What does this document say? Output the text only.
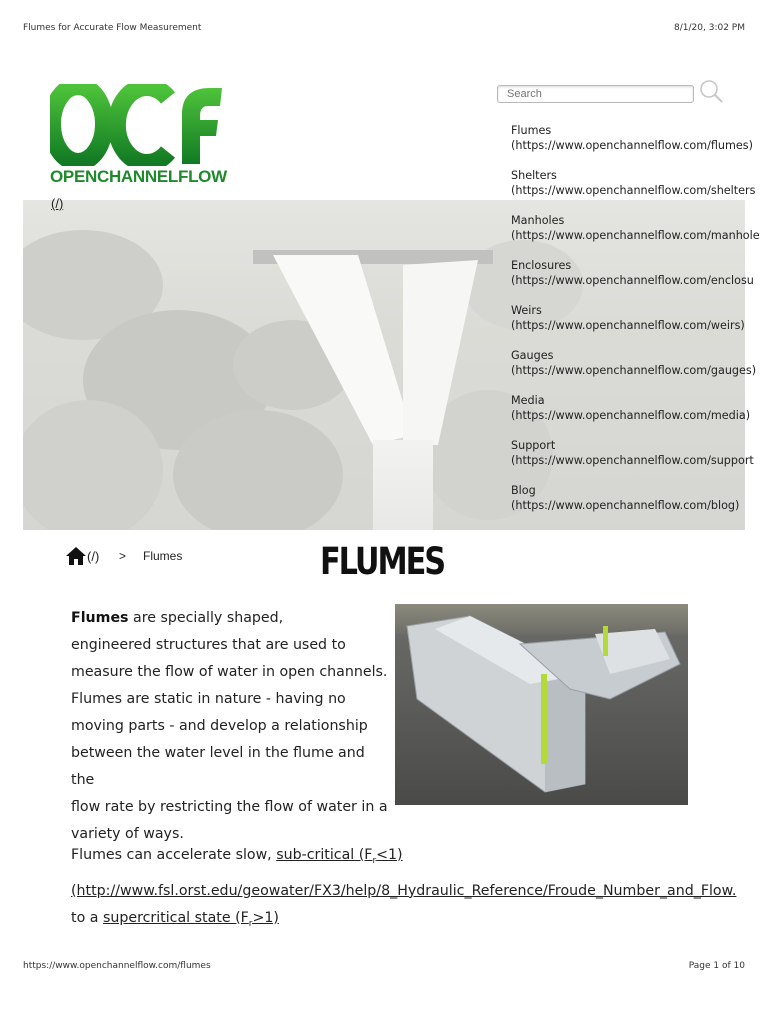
Flumes for Accurate Flow Measurement	8/1/20, 3:02 PM
OPENCHANNELFLOW
(/)
Search
Flumes
(https://www.openchannelflow.com/flumes)
Shelters
(https://www.openchannelflow.com/shelters
Manholes
(https://www.openchannelflow.com/manhole
Enclosures
(https://www.openchannelflow.com/enclosu
Weirs
(https://www.openchannelflow.com/weirs)
Gauges
(https://www.openchannelflow.com/gauges)
Media
(https://www.openchannelflow.com/media)
Support
(https://www.openchannelflow.com/support
Blog
(https://www.openchannelflow.com/blog)
(/) > Flumes	FLUMES
Flumes are specially shaped,
engineered structures that are used to
measure the flow of water in open channels.
Flumes are static in nature - having no
moving parts - and develop a relationship
between the water level in the flume and the
flow rate by restricting the flow of water in a
variety of ways.
Flumes can accelerate slow, sub-critical $(F_r<1)$
(http://www.fsl.orst.edu/geowater/FX3/help/8_Hydraulic_Reference/Froude_Number_and_Flow.
to a supercritical state $(F_r>1)$
https://www.openchannelflow.com/flumes	Page 1 of 10
